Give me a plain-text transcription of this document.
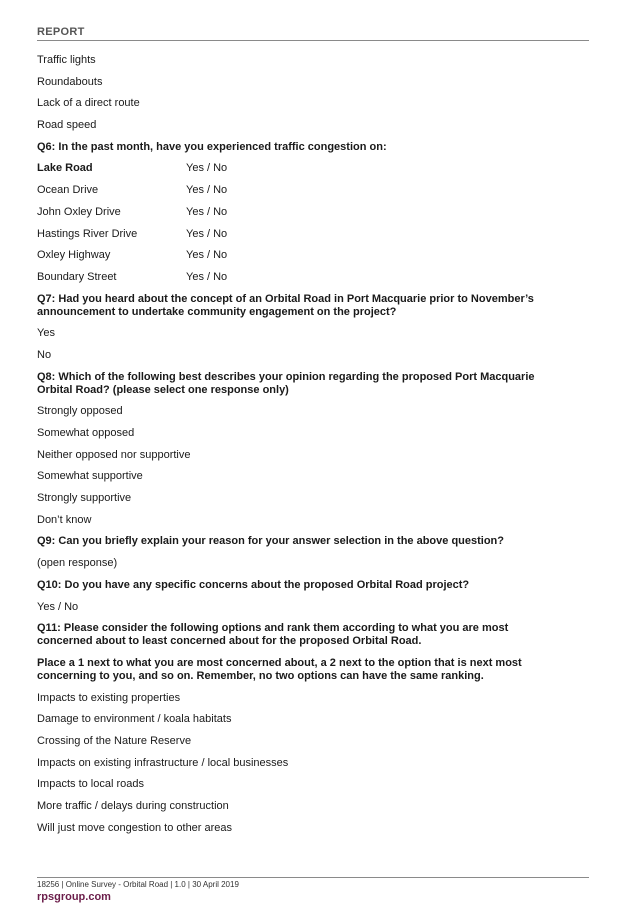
REPORT

Traffic lights

Roundabouts

Lack of a direct route

Road speed

Q6: In the past month, have you experienced traffic congestion on:

Lake Road	Yes / No
Ocean Drive	Yes / No
John Oxley Drive	Yes / No
Hastings River Drive	Yes / No
Oxley Highway	Yes / No
Boundary Street	Yes / No

Q7: Had you heard about the concept of an Orbital Road in Port Macquarie prior to November’s

announcement to undertake community engagement on the project?

Yes

No

Q8: Which of the following best describes your opinion regarding the proposed Port Macquarie

Orbital Road? (please select one response only)

Strongly opposed

Somewhat opposed

Neither opposed nor supportive

Somewhat supportive

Strongly supportive

Don’t know

Q9: Can you briefly explain your reason for your answer selection in the above question?

(open response)

Q10: Do you have any specific concerns about the proposed Orbital Road project?

Yes / No

Q11: Please consider the following options and rank them according to what you are most

concerned about to least concerned about for the proposed Orbital Road.

Place a 1 next to what you are most concerned about, a 2 next to the option that is next most

concerning to you, and so on. Remember, no two options can have the same ranking.

Impacts to existing properties

Damage to environment / koala habitats

Crossing of the Nature Reserve

Impacts on existing infrastructure / local businesses

Impacts to local roads

More traffic / delays during construction

Will just move congestion to other areas

18256 | Online Survey - Orbital Road | 1.0 | 30 April 2019
rpsgroup.com
